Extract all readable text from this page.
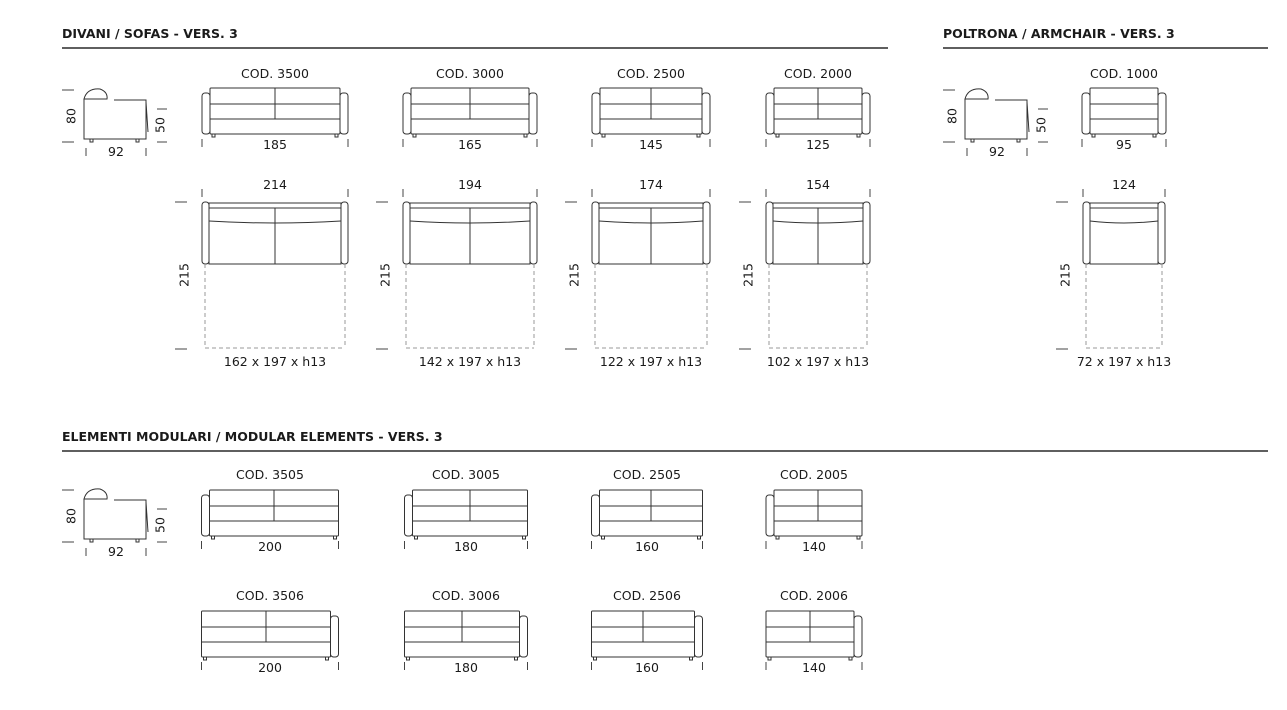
DIVANI / SOFAS - VERS. 3	POLTRONA / ARMCHAIR - VERS. 3
ELEMENTI MODULARI / MODULAR ELEMENTS - VERS. 3
80
50
92
COD. 3500
185
214
215
162 x 197 x h13
COD. 3000
165
194
215
142 x 197 x h13
COD. 2500
145
174
215
122 x 197 x h13
COD. 2000
125
154
215
102 x 197 x h13
80
50
92
COD. 1000
95
124
215
72 x 197 x h13
80
50
92
COD. 3505
200
COD. 3005
180
COD. 2505
160
COD. 2005
140
COD. 3506
200
COD. 3006
180
COD. 2506
160
COD. 2006
140
